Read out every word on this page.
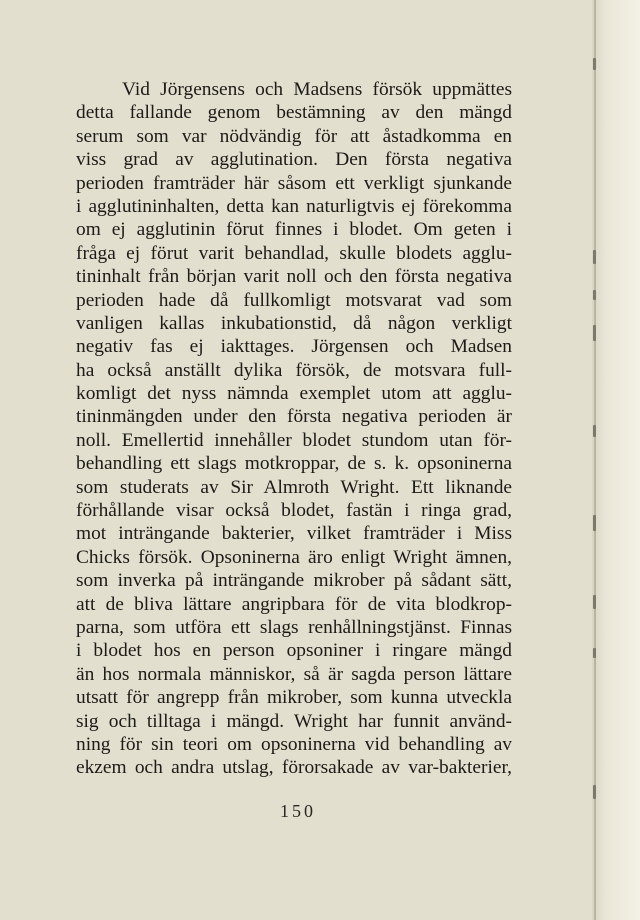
Vid Jörgensens och Madsens försök uppmättes
detta fallande genom bestämning av den mängd
serum som var nödvändig för att åstadkomma en
viss grad av agglutination. Den första negativa
perioden framträder här såsom ett verkligt sjunkande
i agglutininhalten, detta kan naturligtvis ej förekomma
om ej agglutinin förut finnes i blodet. Om geten i
fråga ej förut varit behandlad, skulle blodets agglu-
tininhalt från början varit noll och den första negativa
perioden hade då fullkomligt motsvarat vad som
vanligen kallas inkubationstid, då någon verkligt
negativ fas ej iakttages. Jörgensen och Madsen
ha också anställt dylika försök, de motsvara full-
komligt det nyss nämnda exemplet utom att agglu-
tininmängden under den första negativa perioden är
noll. Emellertid innehåller blodet stundom utan för-
behandling ett slags motkroppar, de s. k. opsoninerna
som studerats av Sir Almroth Wright. Ett liknande
förhållande visar också blodet, fastän i ringa grad,
mot inträngande bakterier, vilket framträder i Miss
Chicks försök. Opsoninerna äro enligt Wright ämnen,
som inverka på inträngande mikrober på sådant sätt,
att de bliva lättare angripbara för de vita blodkrop-
parna, som utföra ett slags renhållningstjänst. Finnas
i blodet hos en person opsoniner i ringare mängd
än hos normala människor, så är sagda person lättare
utsatt för angrepp från mikrober, som kunna utveckla
sig och tilltaga i mängd. Wright har funnit använd-
ning för sin teori om opsoninerna vid behandling av
ekzem och andra utslag, förorsakade av var-bakterier,
150
